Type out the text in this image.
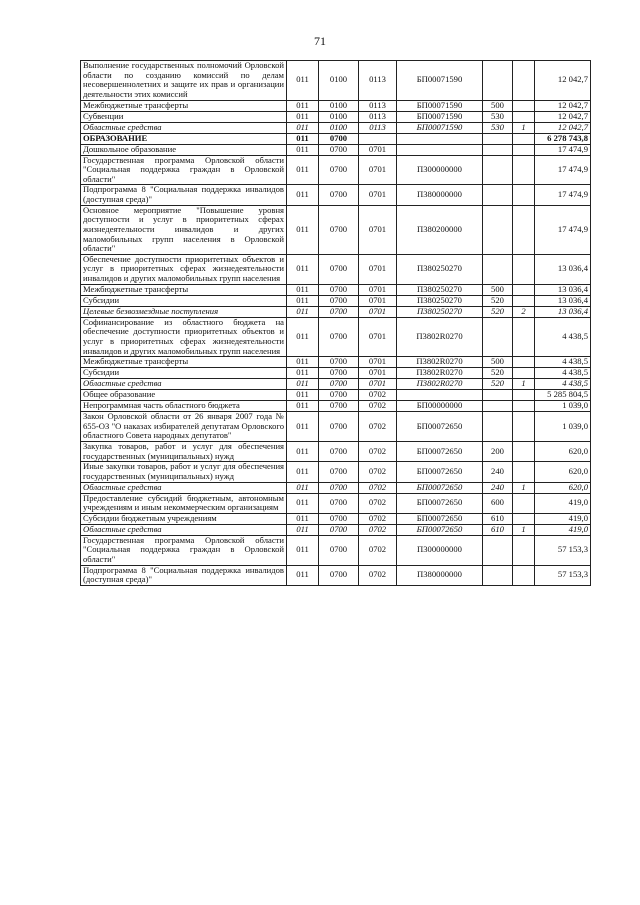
71
Выполнение государственных полномочий Орловской области по созданию комиссий по делам несовершеннолетних и защите их прав и организации деятельности этих комиссий	011	0100	0113	БП00071590			12 042,7
Межбюджетные трансферты	011	0100	0113	БП00071590	500		12 042,7
Субвенции	011	0100	0113	БП00071590	530		12 042,7
Областные средства	011	0100	0113	БП00071590	530	1	12 042,7
ОБРАЗОВАНИЕ	011	0700					6 278 743,8
Дошкольное образование	011	0700	0701				17 474,9
Государственная программа Орловской области "Социальная поддержка граждан в Орловской области"	011	0700	0701	П300000000			17 474,9
Подпрограмма 8 "Социальная поддержка инвалидов (доступная среда)"	011	0700	0701	П380000000			17 474,9
Основное мероприятие "Повышение уровня доступности и услуг в приоритетных сферах жизнедеятельности инвалидов и других маломобильных групп населения в Орловской области"	011	0700	0701	П380200000			17 474,9
Обеспечение доступности приоритетных объектов и услуг в приоритетных сферах жизнедеятельности инвалидов и других маломобильных групп населения	011	0700	0701	П380250270			13 036,4
Межбюджетные трансферты	011	0700	0701	П380250270	500		13 036,4
Субсидии	011	0700	0701	П380250270	520		13 036,4
Целевые безвозмездные поступления	011	0700	0701	П380250270	520	2	13 036,4
Софинансирование из областного бюджета на обеспечение доступности приоритетных объектов и услуг в приоритетных сферах жизнедеятельности инвалидов и других маломобильных групп населения	011	0700	0701	П3802R0270			4 438,5
Межбюджетные трансферты	011	0700	0701	П3802R0270	500		4 438,5
Субсидии	011	0700	0701	П3802R0270	520		4 438,5
Областные средства	011	0700	0701	П3802R0270	520	1	4 438,5
Общее образование	011	0700	0702				5 285 804,5
Непрограммная часть областного бюджета	011	0700	0702	БП00000000			1 039,0
Закон Орловской области от 26 января 2007 года № 655-ОЗ "О наказах избирателей депутатам Орловского областного Совета народных депутатов"	011	0700	0702	БП00072650			1 039,0
Закупка товаров, работ и услуг для обеспечения государственных (муниципальных) нужд	011	0700	0702	БП00072650	200		620,0
Иные закупки товаров, работ и услуг для обеспечения государственных (муниципальных) нужд	011	0700	0702	БП00072650	240		620,0
Областные средства	011	0700	0702	БП00072650	240	1	620,0
Предоставление субсидий бюджетным, автономным учреждениям и иным некоммерческим организациям	011	0700	0702	БП00072650	600		419,0
Субсидии бюджетным учреждениям	011	0700	0702	БП00072650	610		419,0
Областные средства	011	0700	0702	БП00072650	610	1	419,0
Государственная программа Орловской области "Социальная поддержка граждан в Орловской области"	011	0700	0702	П300000000			57 153,3
Подпрограмма 8 "Социальная поддержка инвалидов (доступная среда)"	011	0700	0702	П380000000			57 153,3
